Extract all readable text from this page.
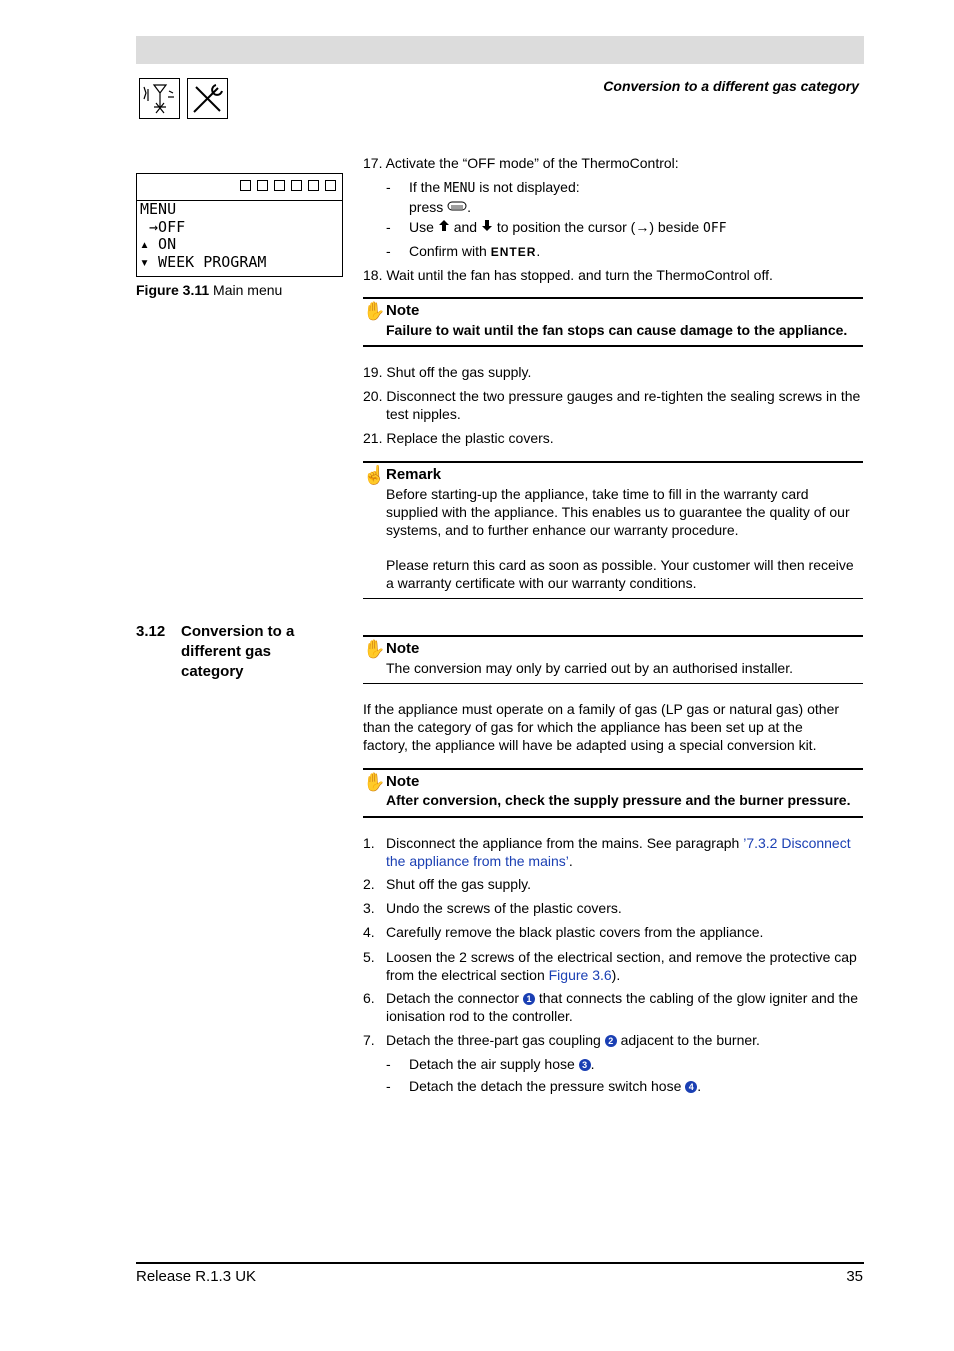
Conversion to a different gas category
MENU
→OFF
▴ ON
▾ WEEK PROGRAM
Figure 3.11 Main menu
17. Activate the “OFF mode” of the ThermoControl:
- If the MENU is not displayed:
press .
- Use and to position the cursor (→) beside OFF
- Confirm with ENTER.
18. Wait until the fan has stopped. and turn the ThermoControl off.
✋ Note
Failure to wait until the fan stops can cause damage to the appliance.
19. Shut off the gas supply.
20. Disconnect the two pressure gauges and re-tighten the sealing screws in the
test nipples.
21. Replace the plastic covers.
☝ Remark
Before starting-up the appliance, take time to fill in the warranty card
supplied with the appliance. This enables us to guarantee the quality of our
systems, and to further enhance our warranty procedure.
Please return this card as soon as possible. Your customer will then receive
a warranty certificate with our warranty conditions.
3.12 Conversion to a
different gas
category
✋ Note
The conversion may only by carried out by an authorised installer.
If the appliance must operate on a family of gas (LP gas or natural gas) other
than the category of gas for which the appliance has been set up at the
factory, the appliance will have be adapted using a special conversion kit.
✋ Note
After conversion, check the supply pressure and the burner pressure.
1. Disconnect the appliance from the mains. See paragraph ’7.3.2 Disconnect
the appliance from the mains’.
2. Shut off the gas supply.
3. Undo the screws of the plastic covers.
4. Carefully remove the black plastic covers from the appliance.
5. Loosen the 2 screws of the electrical section, and remove the protective cap
from the electrical section Figure 3.6).
6. Detach the connector 1 that connects the cabling of the glow igniter and the
ionisation rod to the controller.
7. Detach the three-part gas coupling 2 adjacent to the burner.
- Detach the air supply hose 3 .
- Detach the detach the pressure switch hose 4 .
Release R.1.3 UK	35
